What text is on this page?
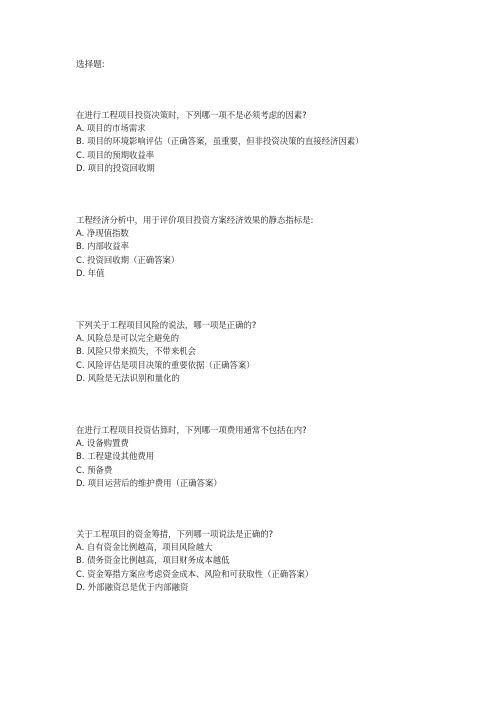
选择题:
在进行工程项目投资决策时，下列哪一项不是必须考虑的因素?
A. 项目的市场需求
B. 项目的环境影响评估（正确答案，虽重要，但非投资决策的直接经济因素）
C. 项目的预期收益率
D. 项目的投资回收期
工程经济分析中，用于评价项目投资方案经济效果的静态指标是:
A. 净现值指数
B. 内部收益率
C. 投资回收期（正确答案）
D. 年值
下列关于工程项目风险的说法，哪一项是正确的?
A. 风险总是可以完全避免的
B. 风险只带来损失，不带来机会
C. 风险评估是项目决策的重要依据（正确答案）
D. 风险是无法识别和量化的
在进行工程项目投资估算时，下列哪一项费用通常不包括在内?
A. 设备购置费
B. 工程建设其他费用
C. 预备费
D. 项目运营后的维护费用（正确答案）
关于工程项目的资金筹措，下列哪一项说法是正确的?
A. 自有资金比例越高，项目风险越大
B. 债务资金比例越高，项目财务成本越低
C. 资金筹措方案应考虑资金成本、风险和可获取性（正确答案）
D. 外部融资总是优于内部融资
